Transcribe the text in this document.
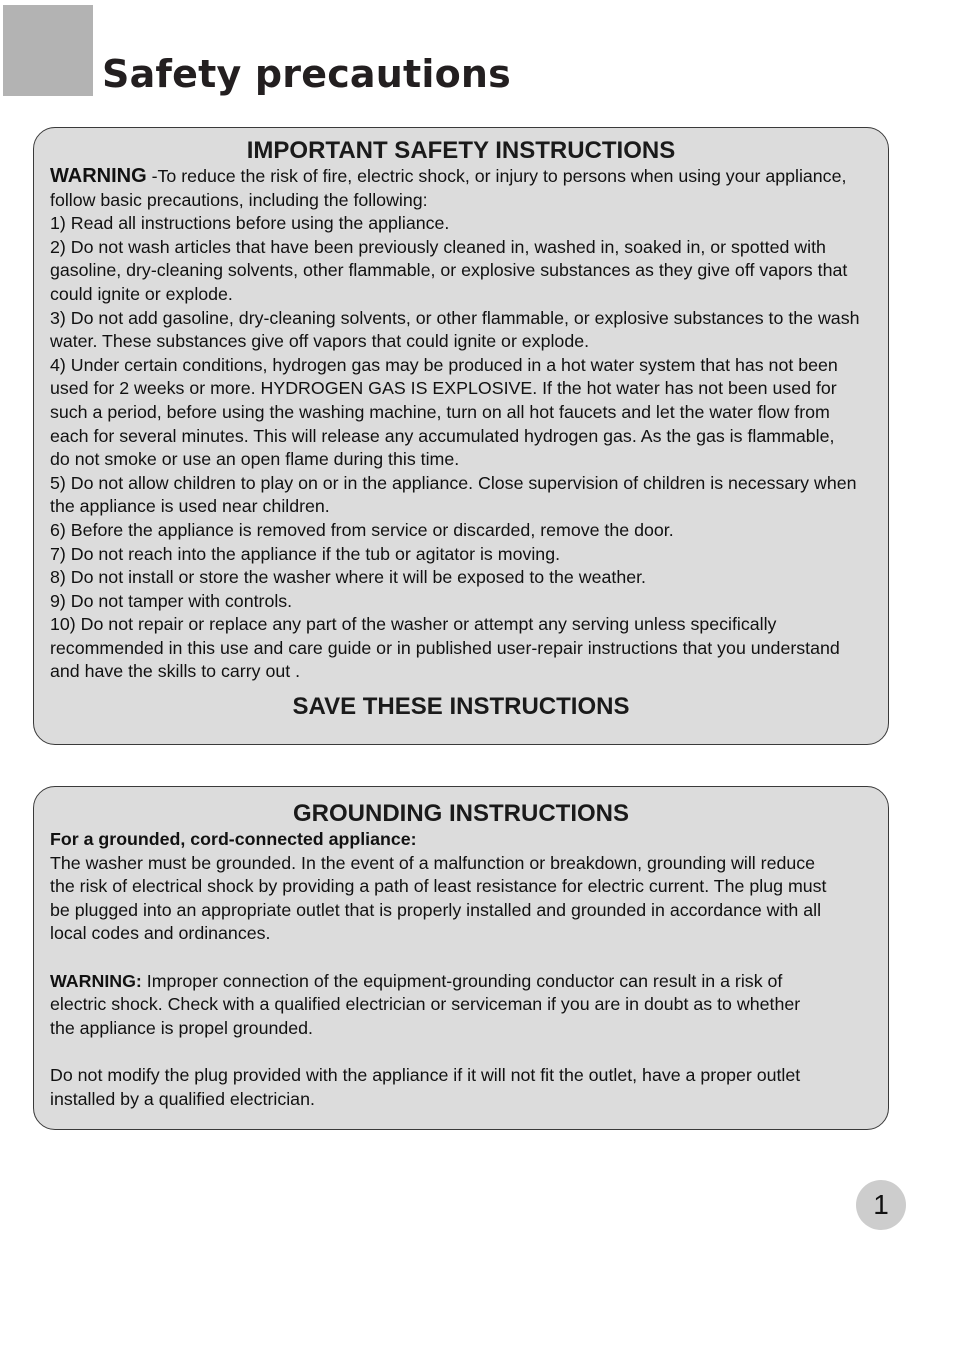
Safety precautions
IMPORTANT SAFETY INSTRUCTIONS
WARNING -To reduce the risk of fire, electric shock, or injury to persons when using your appliance,
follow basic precautions, including the following:
1) Read all instructions before using the appliance.
2) Do not wash articles that have been previously cleaned in, washed in, soaked in, or spotted with
gasoline, dry-cleaning solvents, other flammable, or explosive substances as they give off vapors that
could ignite or explode.
3) Do not add gasoline, dry-cleaning solvents, or other flammable, or explosive substances to the wash
water. These substances give off vapors that could ignite or explode.
4) Under certain conditions, hydrogen gas may be produced in a hot water system that has not been
used for 2 weeks or more. HYDROGEN GAS IS EXPLOSIVE. If the hot water has not been used for
such a period, before using the washing machine, turn on all hot faucets and let the water flow from
each for several minutes. This will release any accumulated hydrogen gas. As the gas is flammable,
do not smoke or use an open flame during this time.
5) Do not allow children to play on or in the appliance. Close supervision of children is necessary when
the appliance is used near children.
6) Before the appliance is removed from service or discarded, remove the door.
7) Do not reach into the appliance if the tub or agitator is moving.
8) Do not install or store the washer where it will be exposed to the weather.
9) Do not tamper with controls.
10) Do not repair or replace any part of the washer or attempt any serving unless specifically
recommended in this use and care guide or in published user-repair instructions that you understand
and have the skills to carry out .
SAVE THESE INSTRUCTIONS
GROUNDING INSTRUCTIONS
For a grounded, cord-connected appliance:
The washer must be grounded. In the event of a malfunction or breakdown, grounding will reduce
the risk of electrical shock by providing a path of least resistance for electric current. The plug must
be plugged into an appropriate outlet that is properly installed and grounded in accordance with all
local codes and ordinances.
WARNING: Improper connection of the equipment-grounding conductor can result in a risk of
electric shock. Check with a qualified electrician or serviceman if you are in doubt as to whether
the appliance is propel grounded.
Do not modify the plug provided with the appliance if it will not fit the outlet, have a proper outlet
installed by a qualified electrician.
1
